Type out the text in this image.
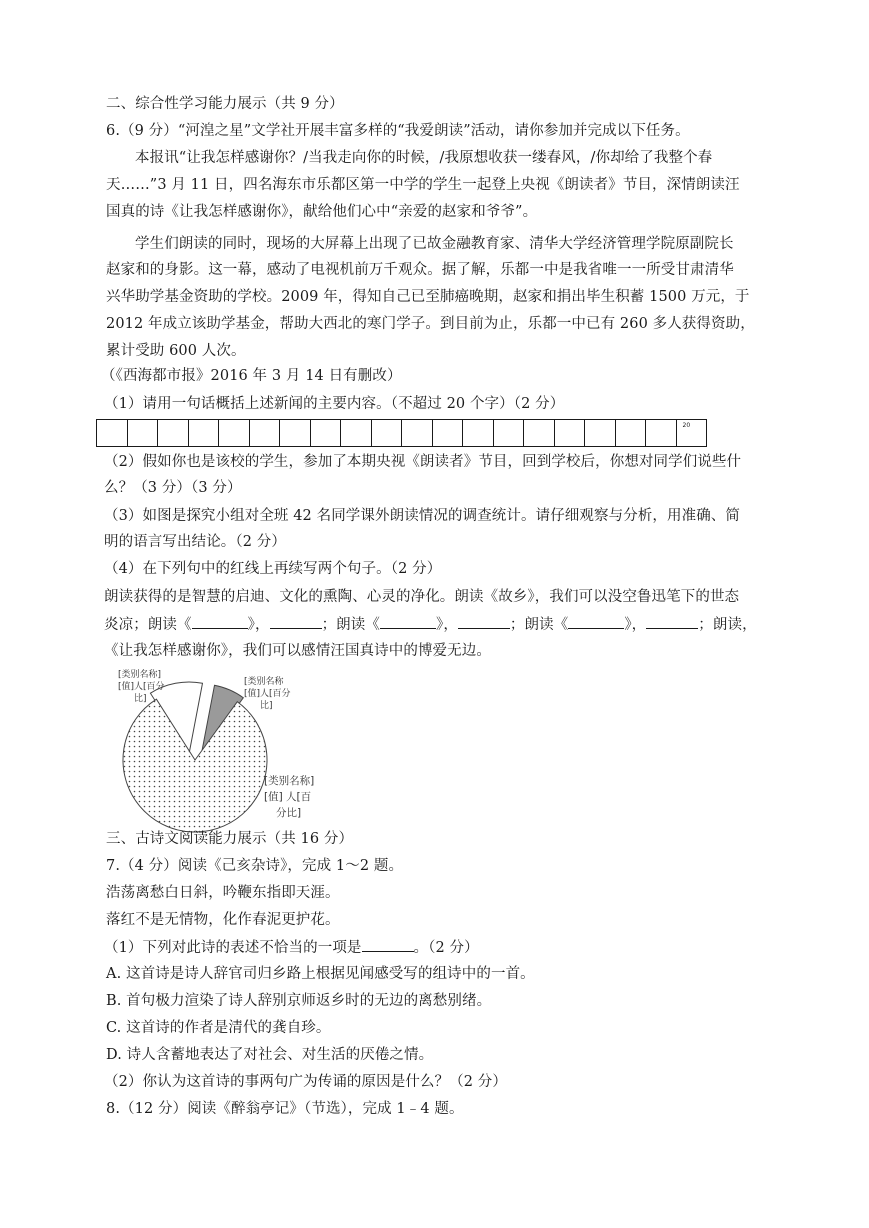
二、综合性学习能力展示（共 9 分）
6.（9 分）“河湟之星”文学社开展丰富多样的“我爱朗读”活动，请你参加并完成以下任务。
本报讯“让我怎样感谢你？/当我走向你的时候，/我原想收获一缕春风，/你却给了我整个春
天……”3 月 11 日，四名海东市乐都区第一中学的学生一起登上央视《朗读者》节目，深情朗读汪
国真的诗《让我怎样感谢你》，献给他们心中“亲爱的赵家和爷爷”。
学生们朗读的同时，现场的大屏幕上出现了已故金融教育家、清华大学经济管理学院原副院长
赵家和的身影。这一幕，感动了电视机前万千观众。据了解，乐都一中是我省唯一一所受甘肃清华
兴华助学基金资助的学校。2009 年，得知自己已至肺癌晚期，赵家和捐出毕生积蓄 1500 万元，于
2012 年成立该助学基金，帮助大西北的寒门学子。到目前为止，乐都一中已有 260 多人获得资助，
累计受助 600 人次。
（《西海都市报》2016 年 3 月 14 日有删改）
（1）请用一句话概括上述新闻的主要内容。（不超过 20 个字）（2 分）
20
（2）假如你也是该校的学生，参加了本期央视《朗读者》节目，回到学校后，你想对同学们说些什
么？（3 分）（3 分）
（3）如图是探究小组对全班 42 名同学课外朗读情况的调查统计。请仔细观察与分析，用准确、简
明的语言写出结论。（2 分）
（4）在下列句中的红线上再续写两个句子。（2 分）
朗读获得的是智慧的启迪、文化的熏陶、心灵的净化。朗读《故乡》，我们可以没空鲁迅笔下的世态
炎凉；朗读《	》，	；朗读《	》，	；朗读《	》，	；朗读，
《让我怎样感谢你》，我们可以感情汪国真诗中的博爱无边。
[类别名称]
[值]人[百分
比]
[类别名称
[值]人[百分
比]
[类别名称]
[值] 人[百
分比]
三、古诗文阅读能力展示（共 16 分）
7.（4 分）阅读《己亥杂诗》，完成 1～2 题。
浩荡离愁白日斜，吟鞭东指即天涯。
落红不是无情物，化作春泥更护花。
（1）下列对此诗的表述不恰当的一项是	。（2 分）
A. 这首诗是诗人辞官司归乡路上根据见闻感受写的组诗中的一首。
B. 首句极力渲染了诗人辞别京师返乡时的无边的离愁别绪。
C. 这首诗的作者是清代的龚自珍。
D. 诗人含蓄地表达了对社会、对生活的厌倦之情。
（2）你认为这首诗的事两句广为传诵的原因是什么？（2 分）
8.（12 分）阅读《醉翁亭记》（节选），完成 1﹣4 题。
